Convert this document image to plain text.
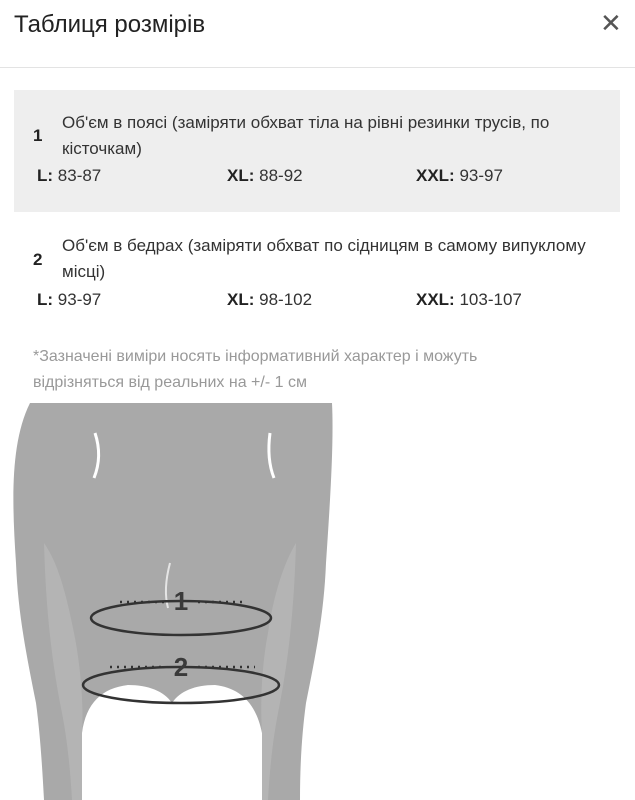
Таблиця розмірів	✕
1
Об'єм в поясі (заміряти обхват тіла на рівні резинки трусів, по кісточкам)
L: 83-87	XL: 88-92	XXL: 93-97
2
Об'єм в бедрах (заміряти обхват по сідницям в самому випуклому місці)
L: 93-97	XL: 98-102	XXL: 103-107
*Зазначені виміри носять інформативний характер і можуть відрізняться від реальних на +/- 1 см
1
2
